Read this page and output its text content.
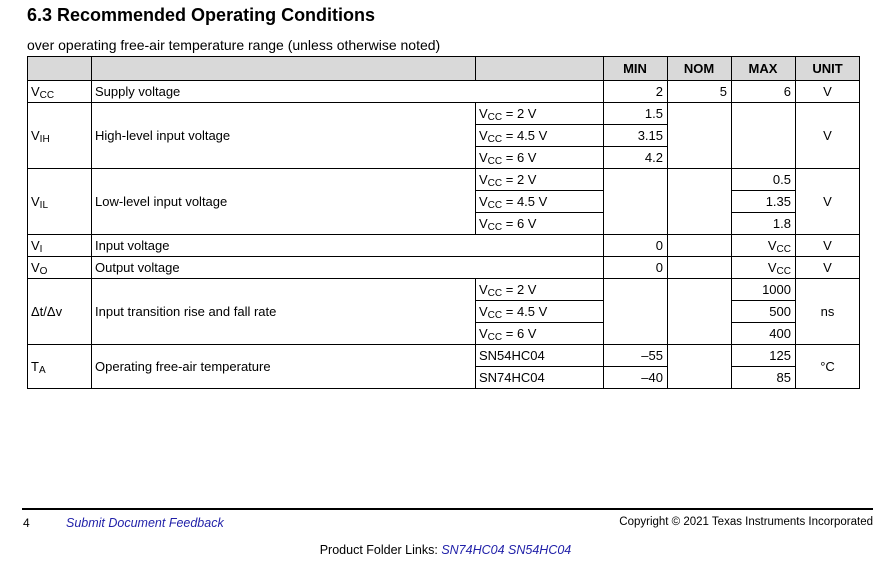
6.3 Recommended Operating Conditions
over operating free-air temperature range (unless otherwise noted)
			MIN	NOM	MAX	UNIT
$V_{CC}$	Supply voltage		2	5	6	V
$V_{IH}$	High-level input voltage	$V_{CC} = 2$ V	1.5			V
		$V_{CC} = 4.5$ V	3.15			
		$V_{CC} = 6$ V	4.2			
$V_{IL}$	Low-level input voltage	$V_{CC} = 2$ V			0.5	V
		$V_{CC} = 4.5$ V			1.35	
		$V_{CC} = 6$ V			1.8	
$V_I$	Input voltage		0		$V_{CC}$	V
$V_O$	Output voltage		0		$V_{CC}$	V
Δt/Δv	Input transition rise and fall rate	$V_{CC} = 2$ V			1000	ns
		$V_{CC} = 4.5$ V			500	
		$V_{CC} = 6$ V			400	
$T_A$	Operating free-air temperature	SN54HC04	–55		125	°C
		SN74HC04	–40		85	
4	Submit Document Feedback	Copyright © 2021 Texas Instruments Incorporated
Product Folder Links: SN74HC04 SN54HC04
